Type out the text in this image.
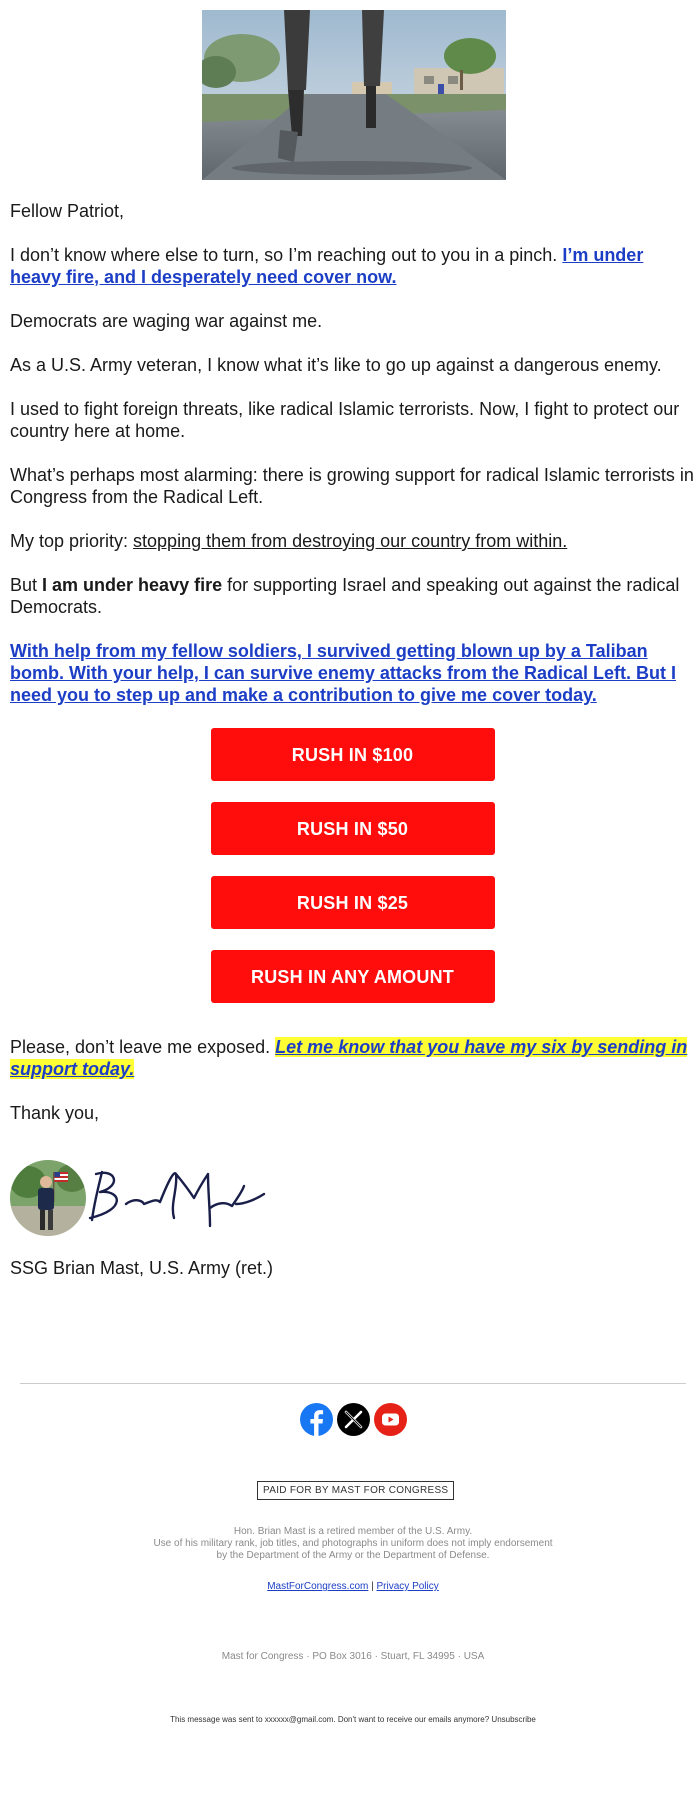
Fellow Patriot,

I don’t know where else to turn, so I’m reaching out to you in a pinch. I’m under heavy fire, and I desperately need cover now.

Democrats are waging war against me.

As a U.S. Army veteran, I know what it’s like to go up against a dangerous enemy.

I used to fight foreign threats, like radical Islamic terrorists. Now, I fight to protect our country here at home.

What’s perhaps most alarming: there is growing support for radical Islamic terrorists in Congress from the Radical Left.

My top priority: stopping them from destroying our country from within.

But I am under heavy fire for supporting Israel and speaking out against the radical Democrats.

With help from my fellow soldiers, I survived getting blown up by a Taliban bomb. With your help, I can survive enemy attacks from the Radical Left. But I need you to step up and make a contribution to give me cover today.

RUSH IN $100
RUSH IN $50
RUSH IN $25
RUSH IN ANY AMOUNT

Please, don’t leave me exposed. Let me know that you have my six by sending in support today.

Thank you,

SSG Brian Mast, U.S. Army (ret.)
PAID FOR BY MAST FOR CONGRESS
Hon. Brian Mast is a retired member of the U.S. Army.
Use of his military rank, job titles, and photographs in uniform does not imply endorsement
by the Department of the Army or the Department of Defense.
MastForCongress.com | Privacy Policy
Mast for Congress · PO Box 3016 · Stuart, FL 34995 · USA
This message was sent to xxxxxx@gmail.com. Don't want to receive our emails anymore? Unsubscribe
